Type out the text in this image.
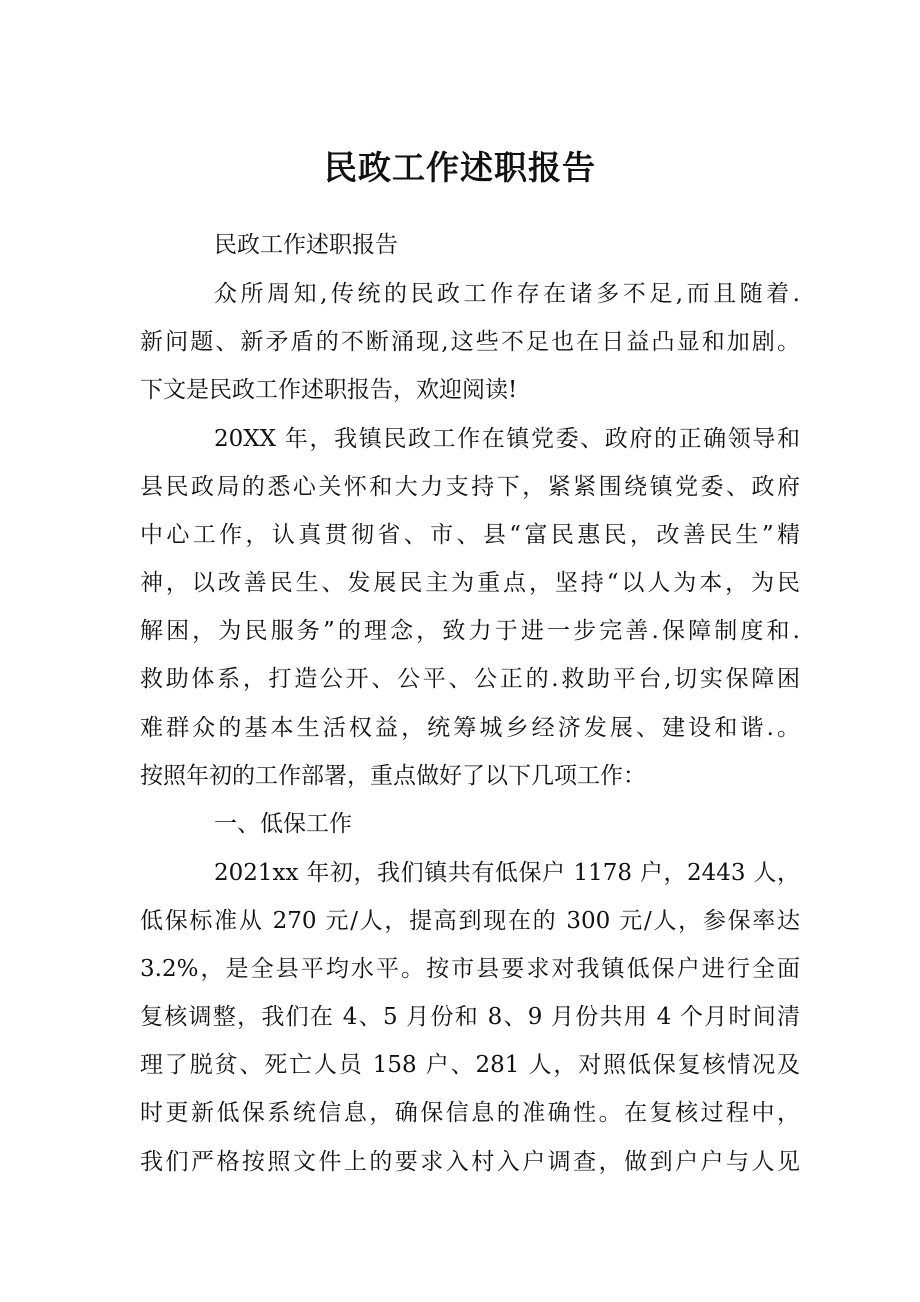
民政工作述职报告
民政工作述职报告
众所周知,传统的民政工作存在诸多不足,而且随着.
新问题、新矛盾的不断涌现,这些不足也在日益凸显和加剧。
下文是民政工作述职报告，欢迎阅读!
20XX 年，我镇民政工作在镇党委、政府的正确领导和
县民政局的悉心关怀和大力支持下，紧紧围绕镇党委、政府
中心工作，认真贯彻省、市、县“富民惠民，改善民生”精
神，以改善民生、发展民主为重点，坚持“以人为本，为民
解困，为民服务”的理念，致力于进一步完善.保障制度和.
救助体系，打造公开、公平、公正的.救助平台,切实保障困
难群众的基本生活权益，统筹城乡经济发展、建设和谐.。
按照年初的工作部署，重点做好了以下几项工作：
一、低保工作
2021xx 年初，我们镇共有低保户 1178 户，2443 人，
低保标准从 270 元/人，提高到现在的 300 元/人，参保率达
3.2%，是全县平均水平。按市县要求对我镇低保户进行全面
复核调整，我们在 4、5 月份和 8、9 月份共用 4 个月时间清
理了脱贫、死亡人员 158 户、281 人，对照低保复核情况及
时更新低保系统信息，确保信息的准确性。在复核过程中，
我们严格按照文件上的要求入村入户调查，做到户户与人见
